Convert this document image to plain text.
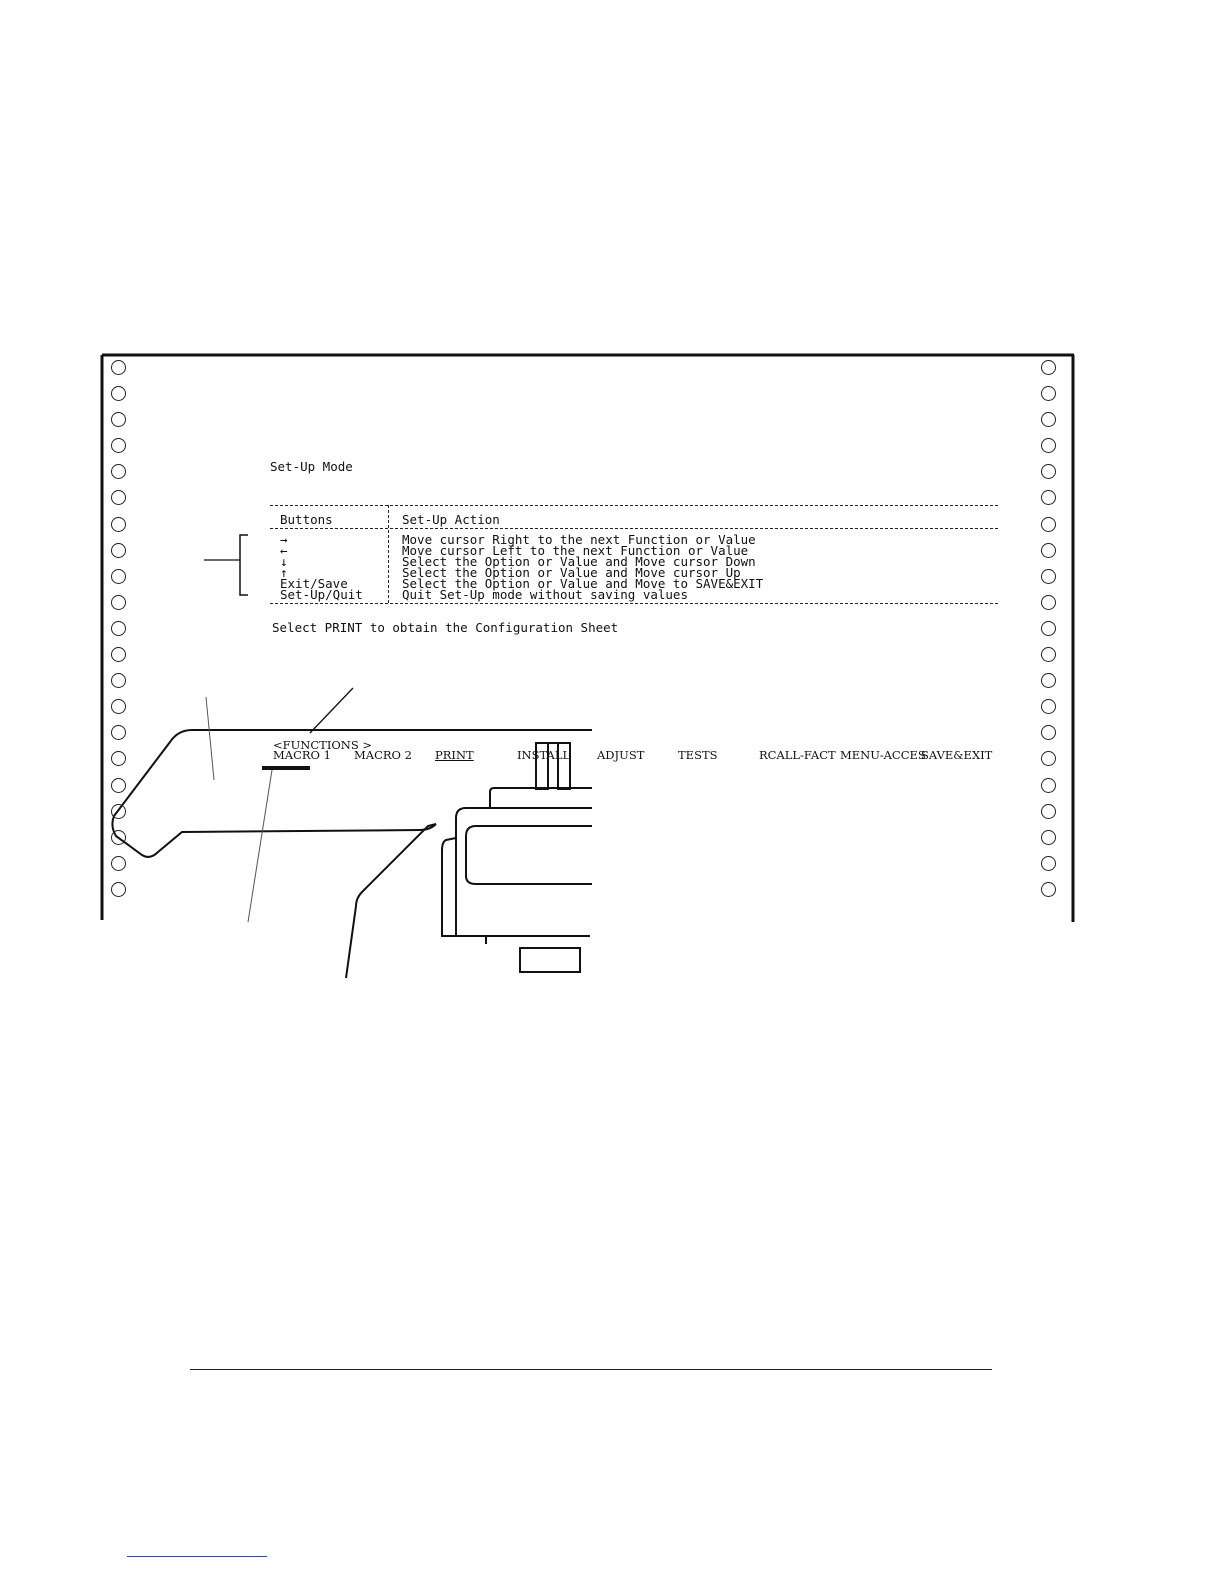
Set-Up Mode
Buttons	Set-Up Action
→	Move cursor Right to the next Function or Value
←	Move cursor Left to the next Function or Value
↓	Select the Option or Value and Move cursor Down
↑	Select the Option or Value and Move cursor Up
Exit/Save	Select the Option or Value and Move to SAVE&EXIT
Set-Up/Quit	Quit Set-Up mode without saving values
Select PRINT to obtain the Configuration Sheet
<FUNCTIONS >
MACRO 1 MACRO 2 PRINT	INSTALL ADJUST	TESTS	RCALL-FACT MENU-ACCES
SAVE&EXIT
